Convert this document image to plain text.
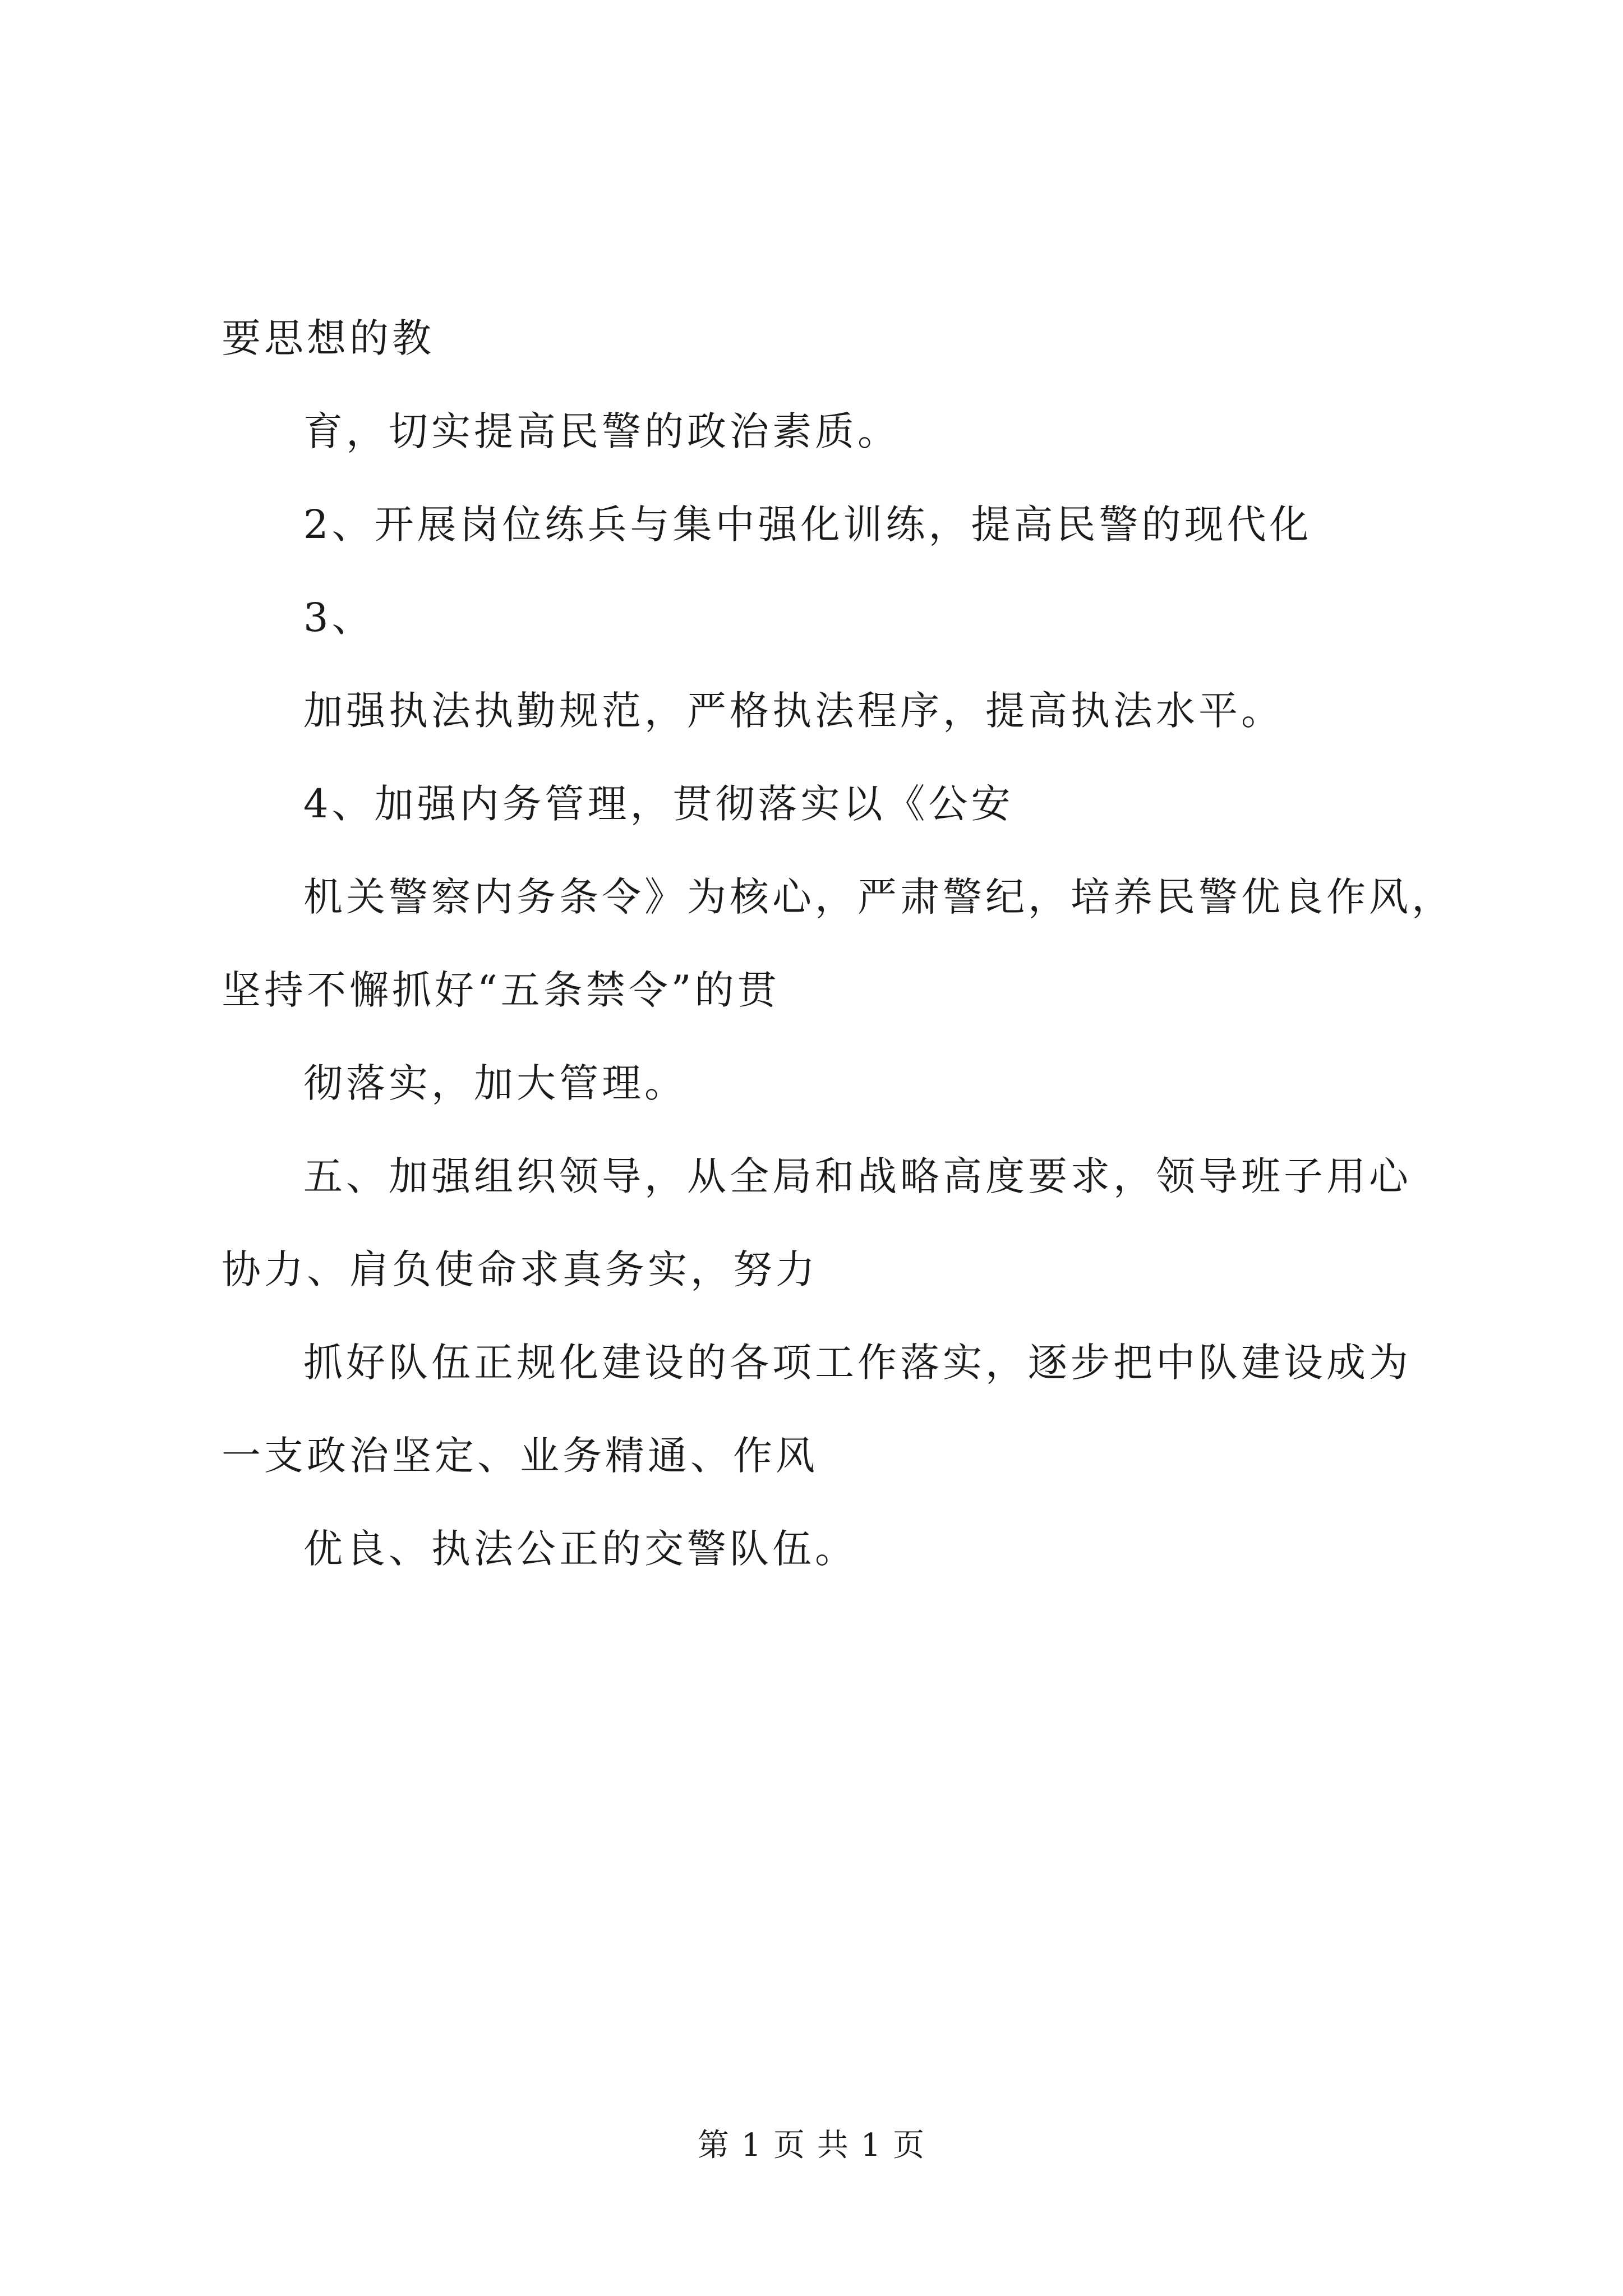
要思想的教
育，切实提高民警的政治素质。
2、开展岗位练兵与集中强化训练，提高民警的现代化
3、
加强执法执勤规范，严格执法程序，提高执法水平。
4、加强内务管理，贯彻落实以《公安
机关警察内务条令》为核心，严肃警纪，培养民警优良作风，
坚持不懈抓好“五条禁令”的贯
彻落实，加大管理。
五、加强组织领导，从全局和战略高度要求，领导班子用心
协力、肩负使命求真务实，努力
抓好队伍正规化建设的各项工作落实，逐步把中队建设成为
一支政治坚定、业务精通、作风
优良、执法公正的交警队伍。
第 1 页 共 1 页
